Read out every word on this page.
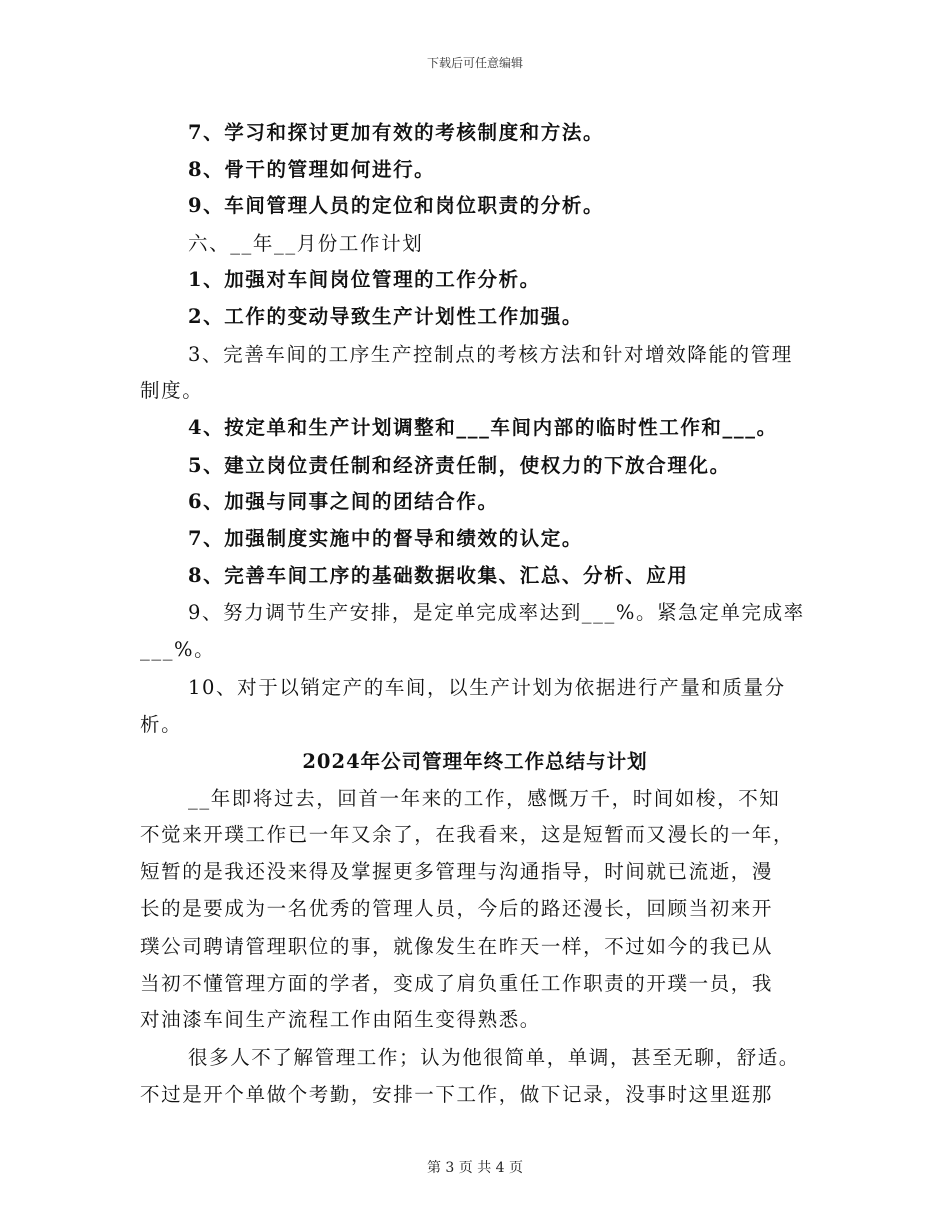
下载后可任意编辑
7、学习和探讨更加有效的考核制度和方法。
8、骨干的管理如何进行。
9、车间管理人员的定位和岗位职责的分析。
六、__年__月份工作计划
1、加强对车间岗位管理的工作分析。
2、工作的变动导致生产计划性工作加强。
3、完善车间的工序生产控制点的考核方法和针对增效降能的管理
制度。
4、按定单和生产计划调整和___车间内部的临时性工作和___。
5、建立岗位责任制和经济责任制，使权力的下放合理化。
6、加强与同事之间的团结合作。
7、加强制度实施中的督导和绩效的认定。
8、完善车间工序的基础数据收集、汇总、分析、应用
9、努力调节生产安排，是定单完成率达到___%。紧急定单完成率
___%。
10、对于以销定产的车间，以生产计划为依据进行产量和质量分
析。
2024年公司管理年终工作总结与计划
__年即将过去，回首一年来的工作，感慨万千，时间如梭，不知
不觉来开璞工作已一年又余了，在我看来，这是短暂而又漫长的一年，
短暂的是我还没来得及掌握更多管理与沟通指导，时间就已流逝，漫
长的是要成为一名优秀的管理人员，今后的路还漫长，回顾当初来开
璞公司聘请管理职位的事，就像发生在昨天一样，不过如今的我已从
当初不懂管理方面的学者，变成了肩负重任工作职责的开璞一员，我
对油漆车间生产流程工作由陌生变得熟悉。
很多人不了解管理工作；认为他很简单，单调，甚至无聊，舒适。
不过是开个单做个考勤，安排一下工作，做下记录，没事时这里逛那
第 3 页 共 4 页
